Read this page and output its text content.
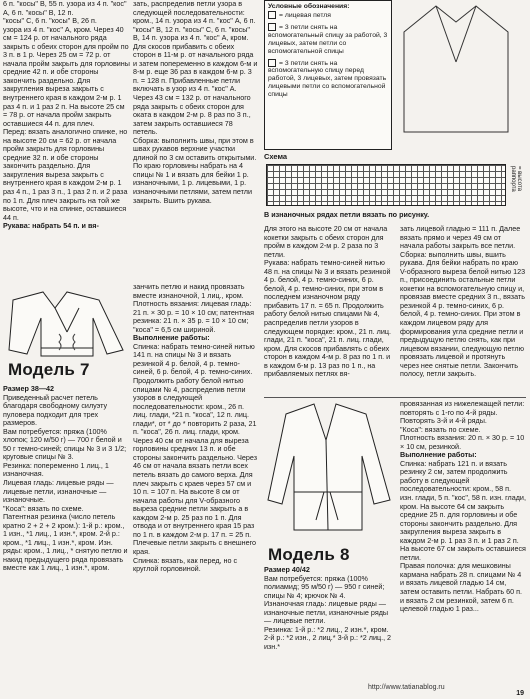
6 п. "косы" В, 55 п. узора из 4 п. "кос" А, 6 п. "косы" В, 12 п.

"косы" С, 6 п. "косы" В, 26 п.

узора из 4 п. "кос" А, кром. Через 40 см = 124 р. от начального ряда закрыть с обеих сторон для пройм по 3 п. в 1 р. Через 25 см = 72 р. от начала пройм закрыть для горловины средние 42 п. и обе стороны закончить раздельно. Для закругления выреза закрыть с внутреннего края в каждом 2-м р. 1 раз 4 п. и 1 раз 2 п. На высоте 25 см = 78 р. от начала пройм закрыть оставшиеся 44 п. для плеч.

Перед: вязать аналогично спинке, но на высоте 20 см = 62 р. от начала пройм закрыть для горловины средние 32 п. и обе стороны закончить раздельно. Для закругления выреза закрыть с внутреннего края в каждом 2-м р. 1 раз 4 п., 1 раз 3 п., 1 раз 2 п. и 2 раза по 1 п. Для плеч закрыть на той же высоте, что и на спинке, оставшиеся 44 п.

Рукава: набрать 54 п. и вя-

зать, распределив петли узора в следующей последовательности: кром., 14 п. узора из 4 п. "кос" А, 6 п. "косы" В, 12 п. "косы" С, 6 п. "косы" В, 14 п. узора из 4 п. "кос" А, кром. Для скосов прибавить с обеих сторон в 11-м р. от начального ряда и затем попеременно в каждом 6-м и 8-м р. еще 36 раз в каждом 6-м р. 3 п. = 128 п. Прибавленные петли включать в узор из 4 п. "кос" А. Через 43 см = 132 р. от начального ряда закрыть с обеих сторон для оката в каждом 2-м р. 8 раз по 3 п., затем закрыть оставшиеся 78 петель.

Сборка: выполнить швы, при этом в швах рукавов верхние участки длиной по 3 см оставить открытыми. По краю горловины набрать на 4 спицы № 1 и вязать для бейки 1 р. изнаночными, 1 р. лицевыми, 1 р. изнаночными петлями, затем петли закрыть. Вшить рукава.

Модель 7

Размер 38—42

Приведенный расчет петель благодаря свободному силуэту пуловера подходит для трех размеров.

Вам потребуется: пряжа (100% хлопок; 120 м/50 г) — 700 г белой и 50 г темно-синей; спицы № 3 и 3 1/2; круговые спицы № 3.

Резинка: попеременно 1 лиц., 1 изнаночная.

Лицевая гладь: лицевые ряды — лицевые петли, изнаночные — изнаночные.

"Коса": вязать по схеме.

Патентная резинка (число петель кратно 2 + 2 + 2 кром.): 1-й р.: кром., 1 изн., *1 лиц., 1 изн.*, кром. 2-й р.: кром., *1 лиц., 1 изн.*, кром. Изн. ряды: кром., 1 лиц., * снятую петлю и накид предыдущего ряда провязать вместе как 1 лиц., 1 изн.*, кром.

занчить петлю и накид провязать вместе изнаночной, 1 лиц., кром.

Плотность вязания: лицевая гладь: 21 п. × 30 р. = 10 × 10 см; патентная резинка: 21 п. × 35 р. = 10 × 10 см; "коса" = 6,5 см шириной.

Выполнение работы:

Спинка: набрать темно-синей нитью 141 п. на спицы № 3 и вязать резинкой 4 р. белой, 4 р. темно-синей, 6 р. белой, 4 р. темно-синих. Продолжить работу белой нитью спицами № 4, распределив петли узоров в следующей последовательности: кром., 26 п. лиц. глади, *21 п. "коса", 12 п. лиц. глади*, от * до * повторить 2 раза, 21 п. "коса", 26 п. лиц. глади, кром. Через 40 см от начала для выреза горловины средних 13 п. и обе стороны закончить раздельно. Через 46 см от начала вязать петли всех петель вязать до самого верха. Для плеч закрыть с краев через 57 см и 10 п. = 107 п. На высоте 8 см от начала работы для V-образного выреза средние петли закрыть а в каждом 2-м р. 25 раз по 1 п. Для отвода и от внутреннего края 15 раз по 1 п. в каждом 2-м р. 17 п. = 25 п. Плечевые петли закрыть с внешнего края.

Спинка: вязать, как перед, но с круглой горловиной.

Условные обозначения:
= лицевая петля
= 3 петли снять на вспомогательный спицу за работой, 3 лицевых, затем петли со вспомогательной спицы
= 3 петли снять на вспомогательную спицу перед работой, 3 лицевых, затем провязать лицевыми петли со вспомогательной спицы
Схема
= высота раппорта
В изнаночных рядах петли вязать по рисунку.

Для этого на высоте 20 см от начала кокетки закрыть с обеих сторон для пройм в каждом 2-м р. 2 раза по 3 петли.

Рукава: набрать темно-синей нитью 48 п. на спицы № 3 и вязать резинкой 4 р. белой, 4 р. темно-синих, 6 р. белой, 4 р. темно-синих, при этом в последнем изнаночном ряду прибавить 17 п. = 65 п. Продолжить работу белой нитью спицами № 4, распределив петли узоров в следующем порядке: кром., 21 п. лиц. глади, 21 п. "коса", 21 п. лиц. глади, кром. Для скосов прибавлять с обеих сторон в каждом 4-м р. 8 раз по 1 п. и в каждом 6-м р. 13 раз по 1 п., на прибавляемых петлях вя-

зать лицевой гладью = 111 п. Далее вязать прямо и через 49 см от начала работы закрыть все петли.

Сборка: выполнить швы, вшить рукава. Для бейки набрать по краю V-образного выреза белой нитью 123 п., присоединить остальные петли кокетки на вспомогательную спицу и, провязав вместе средних 3 п., вязать резинкой 4 р. темно-синих, 6 р. белой, 4 р. темно-синих. При этом в каждом лицевом ряду для формирования угла средние петли и предыдущую петлю снять, как при лицевом вязании, следующую петлю провязать лицевой и протянуть через нее снятые петли. Закончить полосу, петли закрыть.

Модель 8

Размер 40/42

Вам потребуется: пряжа (100% полиамид; 95 м/50 г) — 950 г синей; спицы № 4; крючок № 4.

Изнаночная гладь: лицевые ряды — изнаночные петли, изнаночные ряды — лицевые петли.

Резинка: 1-й р.: *2 лиц., 2 изн.*, кром. 2-й р.: *2 изн., 2 лиц.* 3-й р.: *2 лиц., 2 изн.*

провязанная из нижележащей петли: повторять с 1-го по 4-й ряды. Повторять 3-й и 4-й ряды.

"Коса": вязать по схеме.

Плотность вязания: 20 п. × 30 р. = 10 × 10 см, резинкой.

Выполнение работы:

Спинка: набрать 121 п. и вязать резинку 2 см, затем продолжить работу в следующей последовательности: кром., 58 п. изн. глади, 5 п. "кос", 58 п. изн. глади, кром. На высоте 64 см закрыть средние 25 п. для горловины и обе стороны закончить раздельно. Для закругления выреза закрыть в каждом 2-м р. 1 раз 3 п. и 1 раз 2 п. На высоте 67 см закрыть оставшиеся петли.

Правая полочка: для мешковины кармана набрать 28 п. спицами № 4 и вязать лицевой гладью 14 см, затем оставить петли. Набрать 60 п. и вязать 2 см резинкой, затем 6 п. целевой гладью 1 раз...

http://www.tatianablog.ru
19
